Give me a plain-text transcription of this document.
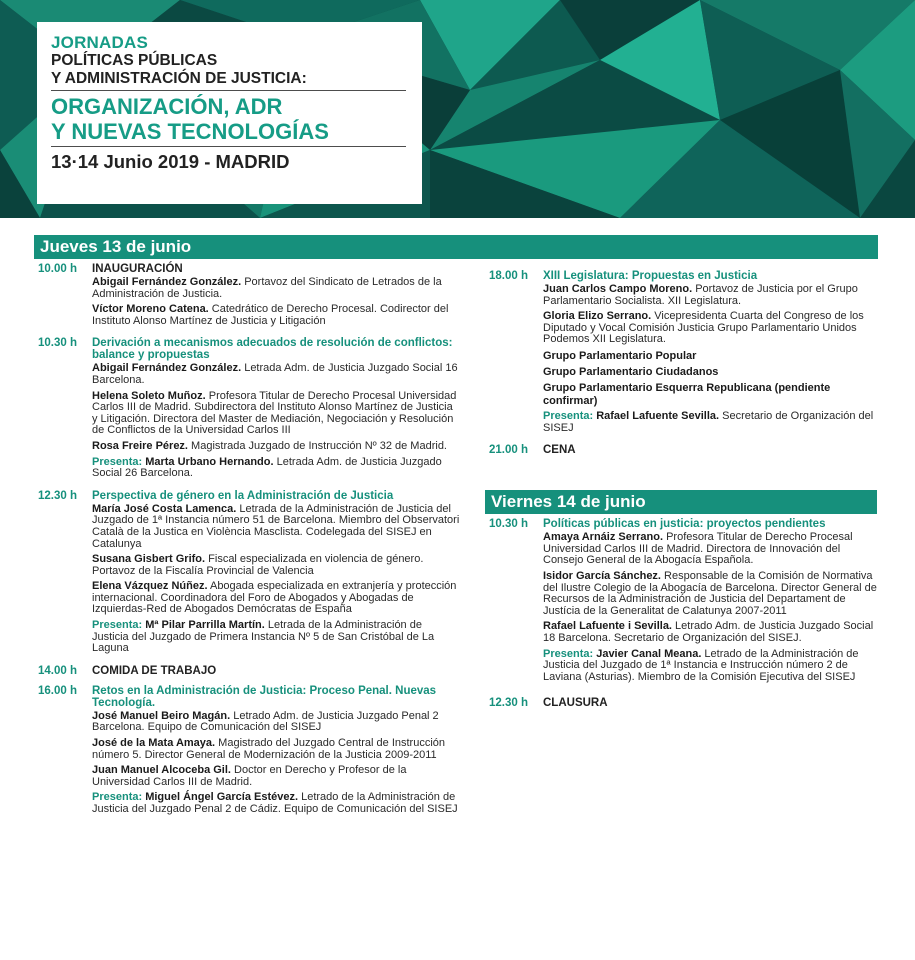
JORNADAS
POLÍTICAS PÚBLICAS
Y ADMINISTRACIÓN DE JUSTICIA:
ORGANIZACIÓN, ADR
Y NUEVAS TECNOLOGÍAS
13·14 Junio 2019 - MADRID
Jueves 13 de junio
10.00 h	INAUGURACIÓN
Abigail Fernández González. Portavoz del Sindicato de Letrados de la Administración de Justicia.
Víctor Moreno Catena. Catedrático de Derecho Procesal. Codirector del Instituto Alonso Martínez de Justicia y Litigación
10.30 h	Derivación a mecanismos adecuados de resolución de conflictos: balance y propuestas
Abigail Fernández González. Letrada Adm. de Justicia Juzgado Social 16 Barcelona.
Helena Soleto Muñoz. Profesora Titular de Derecho Procesal Universidad Carlos III de Madrid. Subdirectora del Instituto Alonso Martínez de Justicia y Litigación. Directora del Master de Mediación, Negociación y Resolución de Conflictos de la Universidad Carlos III
Rosa Freire Pérez. Magistrada Juzgado de Instrucción Nº 32 de Madrid.
Presenta: Marta Urbano Hernando. Letrada Adm. de Justicia Juzgado Social 26 Barcelona.
12.30 h	Perspectiva de género en la Administración de Justicia
María José Costa Lamenca. Letrada de la Administración de Justicia del Juzgado de 1ª Instancia número 51 de Barcelona. Miembro del Observatori Català de la Justica en Violència Masclista. Codelegada del SISEJ en Catalunya
Susana Gisbert Grifo. Fiscal especializada en violencia de género. Portavoz de la Fiscalía Provincial de Valencia
Elena Vázquez Núñez. Abogada especializada en extranjería y protección internacional. Coordinadora del Foro de Abogados y Abogadas de Izquierdas-Red de Abogados Demócratas de España
Presenta: Mª Pilar Parrilla Martín. Letrada de la Administración de Justicia del Juzgado de Primera Instancia Nº 5 de San Cristóbal de La Laguna
14.00 h	COMIDA DE TRABAJO
16.00 h	Retos en la Administración de Justicia: Proceso Penal. Nuevas Tecnología.
José Manuel Beiro Magán. Letrado Adm. de Justicia Juzgado Penal 2 Barcelona. Equipo de Comunicación del SISEJ
José de la Mata Amaya. Magistrado del Juzgado Central de Instrucción número 5. Director General de Modernización de la Justicia 2009-2011
Juan Manuel Alcoceba Gil. Doctor en Derecho y Profesor de la Universidad Carlos III de Madrid.
Presenta: Miguel Ángel García Estévez. Letrado de la Administración de Justicia del Juzgado Penal 2 de Cádiz. Equipo de Comunicación del SISEJ
18.00 h	XIII Legislatura: Propuestas en Justicia
Juan Carlos Campo Moreno. Portavoz de Justicia por el Grupo Parlamentario Socialista. XII Legislatura.
Gloria Elizo Serrano. Vicepresidenta Cuarta del Congreso de los Diputado y Vocal Comisión Justicia Grupo Parlamentario Unidos Podemos XII Legislatura.
Grupo Parlamentario Popular
Grupo Parlamentario Ciudadanos
Grupo Parlamentario Esquerra Republicana (pendiente confirmar)
Presenta: Rafael Lafuente Sevilla. Secretario de Organización del SISEJ
21.00 h	CENA
Viernes 14 de junio
10.30 h	Políticas públicas en justicia: proyectos pendientes
Amaya Arnáiz Serrano. Profesora Titular de Derecho Procesal Universidad Carlos III de Madrid. Directora de Innovación del Consejo General de la Abogacía Española.
Isidor García Sánchez. Responsable de la Comisión de Normativa del Ilustre Colegio de la Abogacía de Barcelona. Director General de Recursos de la Administración de Justicia del Departament de Justícia de la Generalitat de Calatunya 2007-2011
Rafael Lafuente i Sevilla. Letrado Adm. de Justicia Juzgado Social 18 Barcelona. Secretario de Organización del SISEJ.
Presenta: Javier Canal Meana. Letrado de la Administración de Justicia del Juzgado de 1ª Instancia e Instrucción número 2 de Laviana (Asturias). Miembro de la Comisión Ejecutiva del SISEJ
12.30 h	CLAUSURA
